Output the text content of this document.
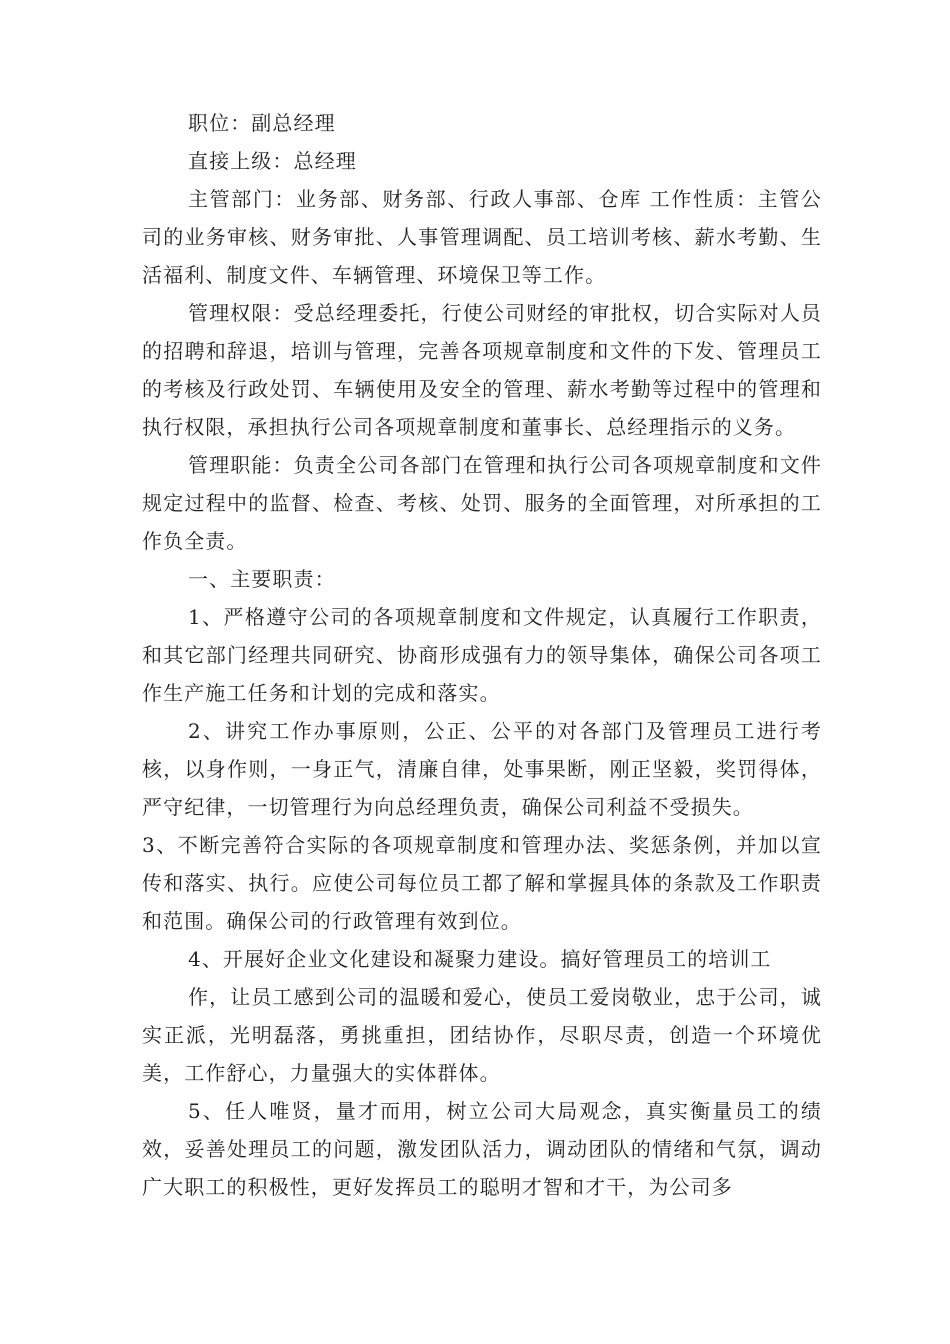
职位：副总经理

直接上级：总经理

主管部门：业务部、财务部、行政人事部、仓库 工作性质：主管公司的业务审核、财务审批、人事管理调配、员工培训考核、薪水考勤、生活福利、制度文件、车辆管理、环境保卫等工作。

管理权限：受总经理委托，行使公司财经的审批权，切合实际对人员的招聘和辞退，培训与管理，完善各项规章制度和文件的下发、管理员工的考核及行政处罚、车辆使用及安全的管理、薪水考勤等过程中的管理和执行权限，承担执行公司各项规章制度和董事长、总经理指示的义务。

管理职能：负责全公司各部门在管理和执行公司各项规章制度和文件规定过程中的监督、检查、考核、处罚、服务的全面管理，对所承担的工作负全责。

一、主要职责：

1、严格遵守公司的各项规章制度和文件规定，认真履行工作职责，和其它部门经理共同研究、协商形成强有力的领导集体，确保公司各项工作生产施工任务和计划的完成和落实。

2、讲究工作办事原则，公正、公平的对各部门及管理员工进行考核，以身作则，一身正气，清廉自律，处事果断，刚正坚毅，奖罚得体，严守纪律，一切管理行为向总经理负责，确保公司利益不受损失。

3、不断完善符合实际的各项规章制度和管理办法、奖惩条例，并加以宣传和落实、执行。应使公司每位员工都了解和掌握具体的条款及工作职责和范围。确保公司的行政管理有效到位。

4、开展好企业文化建设和凝聚力建设。搞好管理员工的培训工

作，让员工感到公司的温暖和爱心，使员工爱岗敬业，忠于公司，诚实正派，光明磊落，勇挑重担，团结协作，尽职尽责，创造一个环境优美，工作舒心，力量强大的实体群体。

5、任人唯贤，量才而用，树立公司大局观念，真实衡量员工的绩效，妥善处理员工的问题，激发团队活力，调动团队的情绪和气氛，调动广大职工的积极性，更好发挥员工的聪明才智和才干，为公司多
